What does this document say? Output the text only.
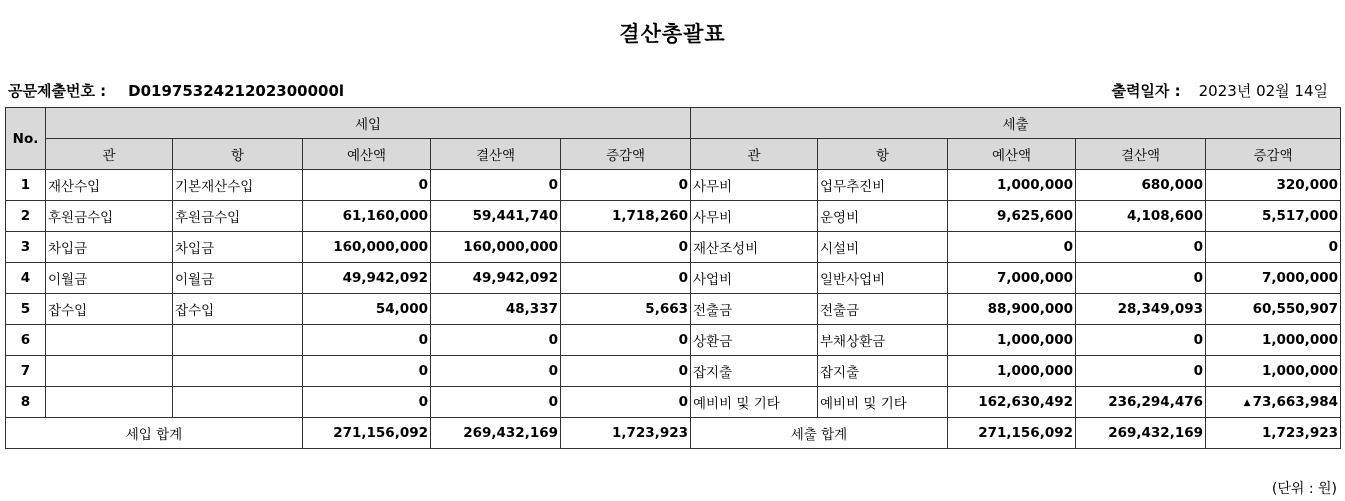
결산총괄표
공문제출번호 : D0197532421202300000l	출력일자 : 2023년 02월 14일
No.	세입					세출				
	관	항	예산액	결산액	증감액	관	항	예산액	결산액	증감액
1	재산수입	기본재산수입	0	0	0	사무비	업무추진비	1,000,000	680,000	320,000
2	후원금수입	후원금수입	61,160,000	59,441,740	1,718,260	사무비	운영비	9,625,600	4,108,600	5,517,000
3	차입금	차입금	160,000,000	160,000,000	0	재산조성비	시설비	0	0	0
4	이월금	이월금	49,942,092	49,942,092	0	사업비	일반사업비	7,000,000	0	7,000,000
5	잡수입	잡수입	54,000	48,337	5,663	전출금	전출금	88,900,000	28,349,093	60,550,907
6			0	0	0	상환금	부채상환금	1,000,000	0	1,000,000
7			0	0	0	잡지출	잡지출	1,000,000	0	1,000,000
8			0	0	0	예비비 및 기타	예비비 및 기타	162,630,492	236,294,476	▲ 73,663,984
세입 합계			271,156,092	269,432,169	1,723,923	세출 합계		271,156,092	269,432,169	1,723,923
(단위 : 원)
